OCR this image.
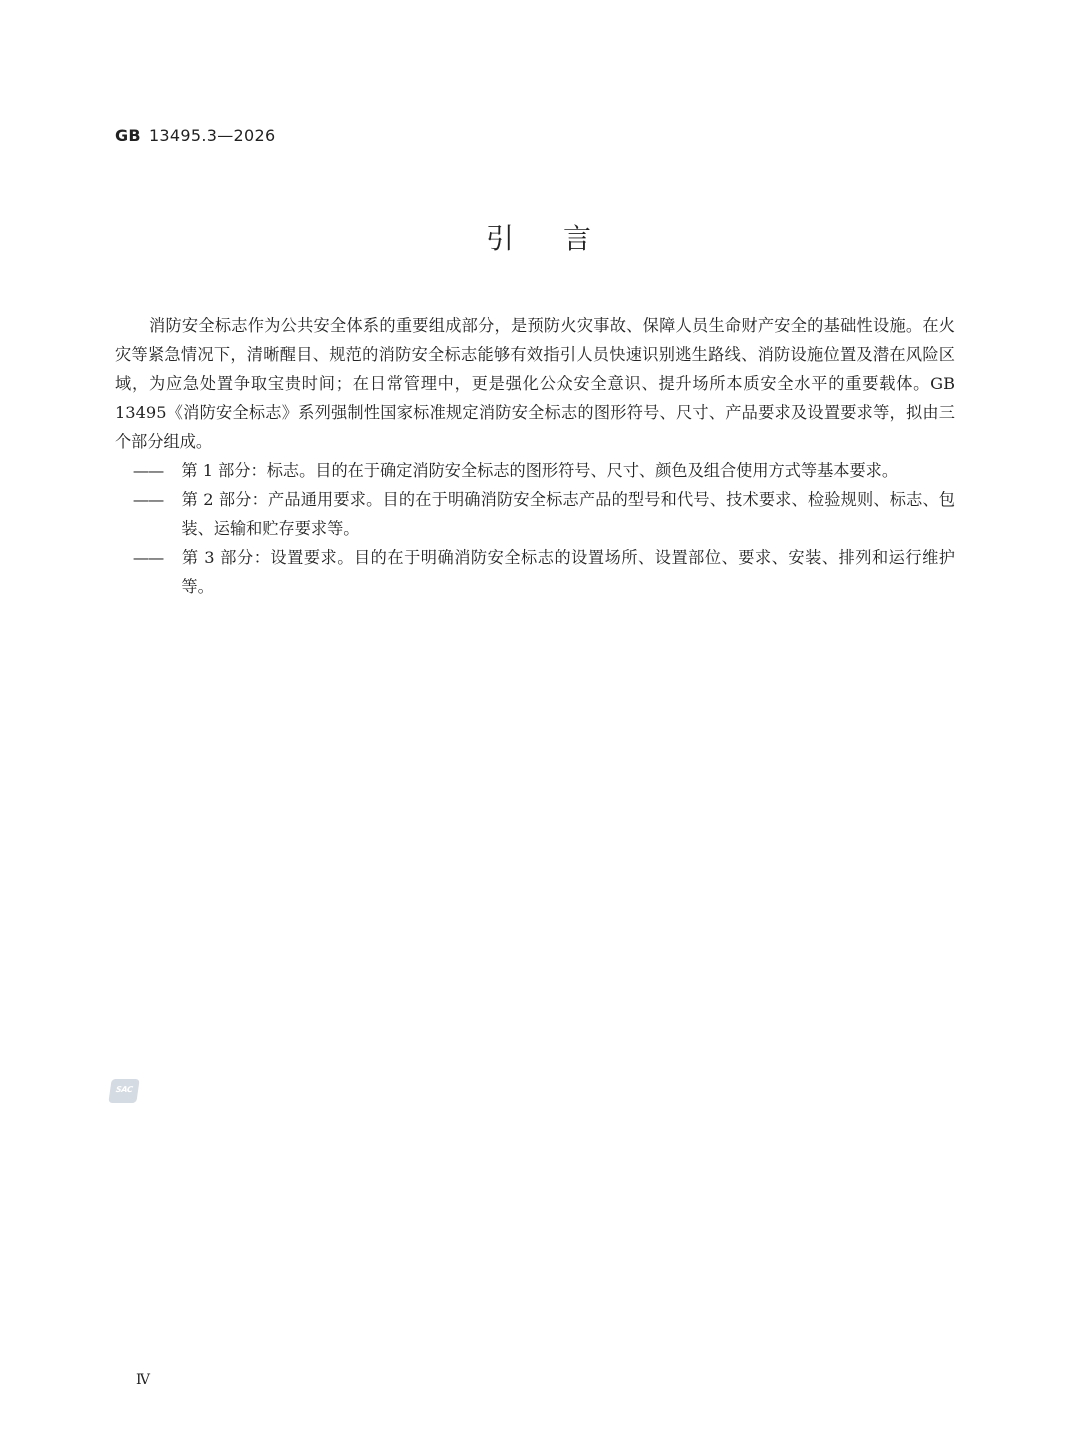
GB 13495.3—2026
引 言

消防安全标志作为公共安全体系的重要组成部分，是预防火灾事故、保障人员生命财产安全的基础性设施。在火灾等紧急情况下，清晰醒目、规范的消防安全标志能够有效指引人员快速识别逃生路线、消防设施位置及潜在风险区域，为应急处置争取宝贵时间；在日常管理中，更是强化公众安全意识、提升场所本质安全水平的重要载体。GB 13495《消防安全标志》系列强制性国家标准规定消防安全标志的图形符号、尺寸、产品要求及设置要求等，拟由三个部分组成。

—— 第 1 部分：标志。目的在于确定消防安全标志的图形符号、尺寸、颜色及组合使用方式等基本要求。

—— 第 2 部分：产品通用要求。目的在于明确消防安全标志产品的型号和代号、技术要求、检验规则、标志、包装、运输和贮存要求等。

—— 第 3 部分：设置要求。目的在于明确消防安全标志的设置场所、设置部位、要求、安装、排列和运行维护等。

SAC
Ⅳ
